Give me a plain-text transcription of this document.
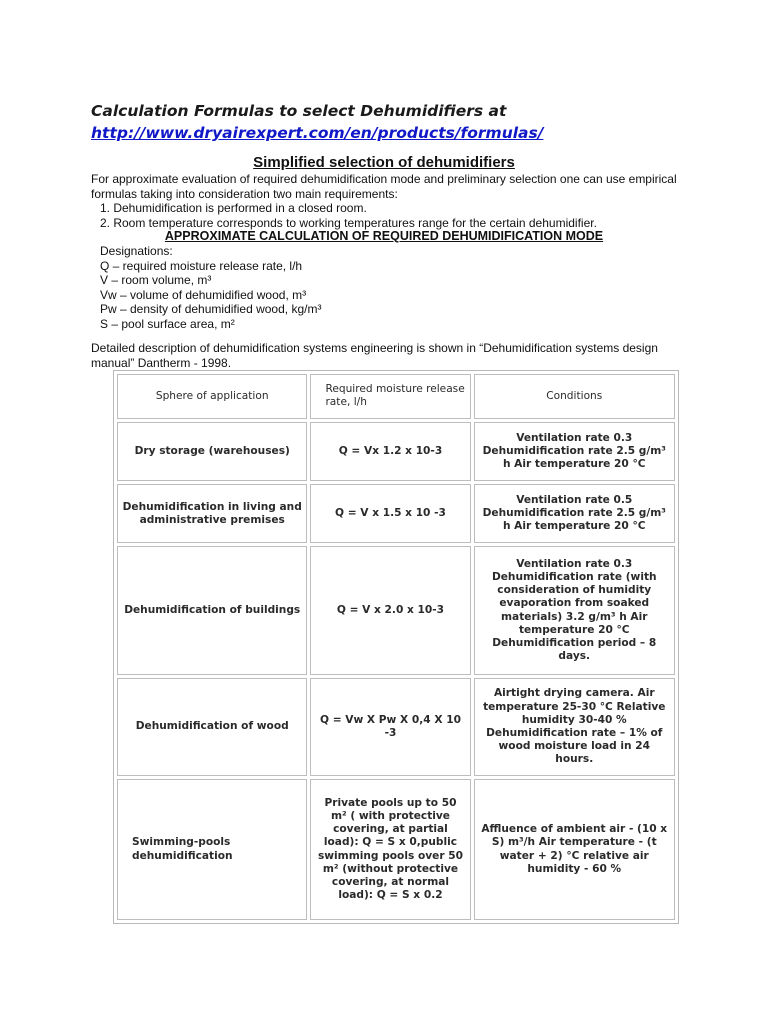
Calculation Formulas to select Dehumidifiers at
http://www.dryairexpert.com/en/products/formulas/
Simplified selection of dehumidifiers
For approximate evaluation of required dehumidification mode and preliminary selection one can use empirical formulas taking into consideration two main requirements:
1. Dehumidification is performed in a closed room.
2. Room temperature corresponds to working temperatures range for the certain dehumidifier.
APPROXIMATE CALCULATION OF REQUIRED DEHUMIDIFICATION MODE
Designations:
Q – required moisture release rate, l/h
V – room volume, m³
Vw – volume of dehumidified wood, m³
Pw – density of dehumidified wood, kg/m³
S – pool surface area, m²
Detailed description of dehumidification systems engineering is shown in “Dehumidification systems design manual” Dantherm - 1998.
Sphere of application	Required moisture release rate, l/h	Conditions
Dry storage (warehouses)	Q = Vx 1.2 x 10-3	Ventilation rate 0.3 Dehumidification rate 2.5 g/m³ h Air temperature 20 °C
Dehumidification in living and administrative premises	Q = V x 1.5 x 10 -3	Ventilation rate 0.5 Dehumidification rate 2.5 g/m³ h Air temperature 20 °C
Dehumidification of buildings	Q = V x 2.0 x 10-3	Ventilation rate 0.3 Dehumidification rate (with consideration of humidity evaporation from soaked materials) 3.2 g/m³ h Air temperature 20 °C Dehumidification period – 8 days.
Dehumidification of wood	Q = Vw X Pw X 0,4 X 10 -3	Airtight drying camera. Air temperature 25-30 °C Relative humidity 30-40 % Dehumidification rate – 1% of wood moisture load in 24 hours.
Swimming-pools dehumidification	Private pools up to 50 m² ( with protective covering, at partial load): Q = S x 0,public swimming pools over 50 m² (without protective covering, at normal load): Q = S x 0.2	Affluence of ambient air - (10 x S) m³/h Air temperature - (t water + 2) °C relative air humidity - 60 %
